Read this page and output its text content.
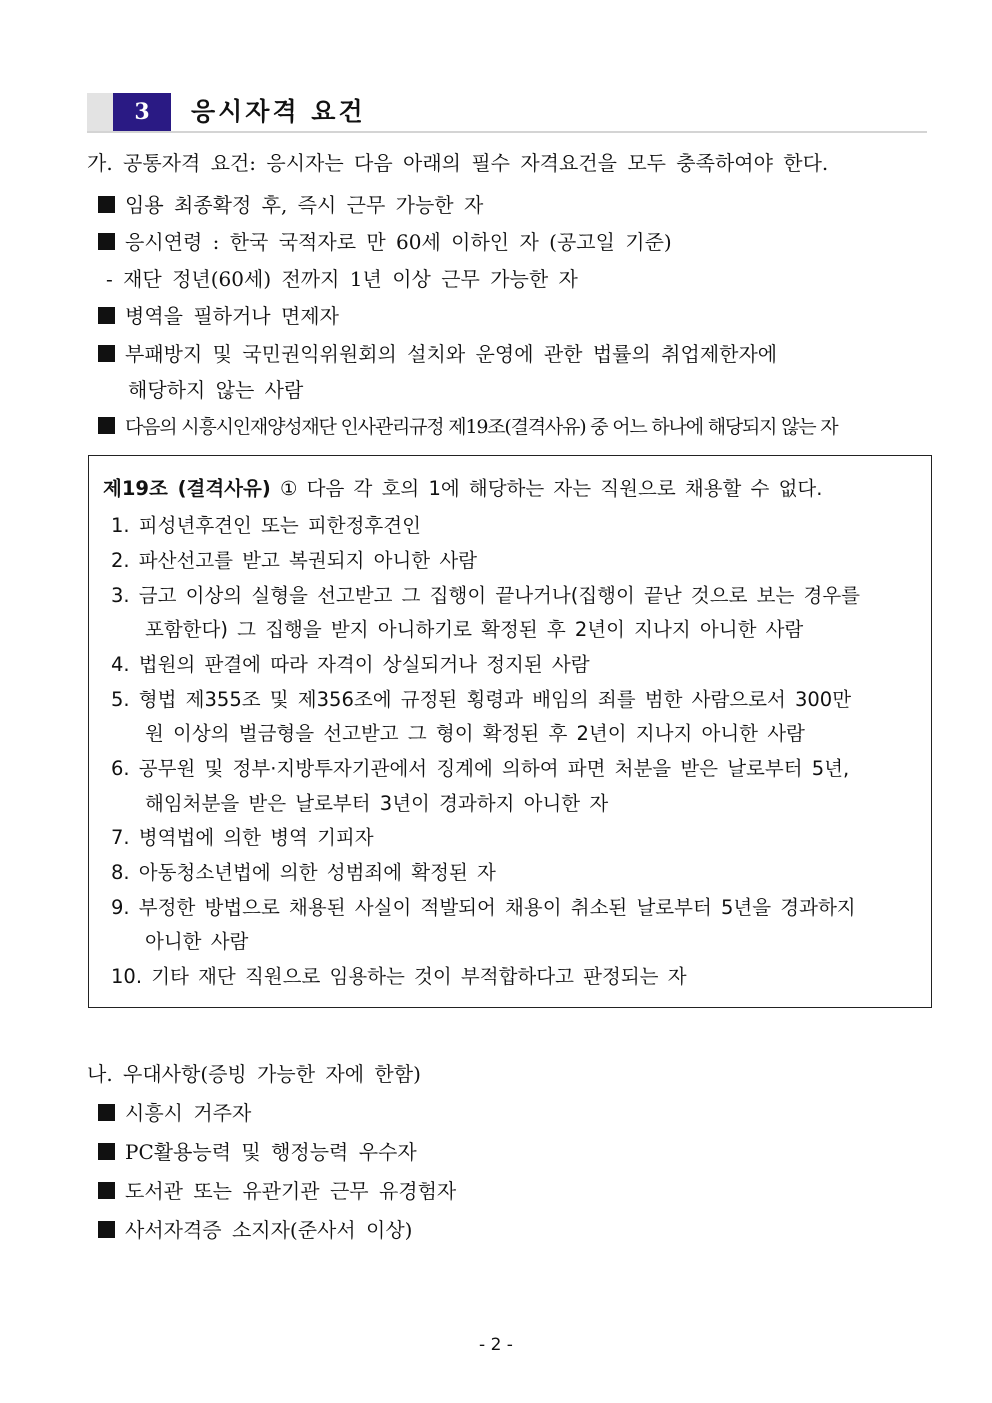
3	응시자격 요건
가. 공통자격 요건: 응시자는 다음 아래의 필수 자격요건을 모두 충족하여야 한다.
임용 최종확정 후, 즉시 근무 가능한 자
응시연령 : 한국 국적자로 만 60세 이하인 자 (공고일 기준)
- 재단 정년(60세) 전까지 1년 이상 근무 가능한 자
병역을 필하거나 면제자
부패방지 및 국민권익위원회의 설치와 운영에 관한 법률의 취업제한자에
해당하지 않는 사람
다음의 시흥시인재양성재단 인사관리규정 제19조(결격사유) 중 어느 하나에 해당되지 않는 자
제19조 (결격사유) ① 다음 각 호의 1에 해당하는 자는 직원으로 채용할 수 없다.
1. 피성년후견인 또는 피한정후견인
2. 파산선고를 받고 복권되지 아니한 사람
3. 금고 이상의 실형을 선고받고 그 집행이 끝나거나(집행이 끝난 것으로 보는 경우를
포함한다) 그 집행을 받지 아니하기로 확정된 후 2년이 지나지 아니한 사람
4. 법원의 판결에 따라 자격이 상실되거나 정지된 사람
5. 형법 제355조 및 제356조에 규정된 횡령과 배임의 죄를 범한 사람으로서 300만
원 이상의 벌금형을 선고받고 그 형이 확정된 후 2년이 지나지 아니한 사람
6. 공무원 및 정부·지방투자기관에서 징계에 의하여 파면 처분을 받은 날로부터 5년,
해임처분을 받은 날로부터 3년이 경과하지 아니한 자
7. 병역법에 의한 병역 기피자
8. 아동청소년법에 의한 성범죄에 확정된 자
9. 부정한 방법으로 채용된 사실이 적발되어 채용이 취소된 날로부터 5년을 경과하지
아니한 사람
10. 기타 재단 직원으로 임용하는 것이 부적합하다고 판정되는 자
나. 우대사항(증빙 가능한 자에 한함)
시흥시 거주자
PC활용능력 및 행정능력 우수자
도서관 또는 유관기관 근무 유경험자
사서자격증 소지자(준사서 이상)
- 2 -
